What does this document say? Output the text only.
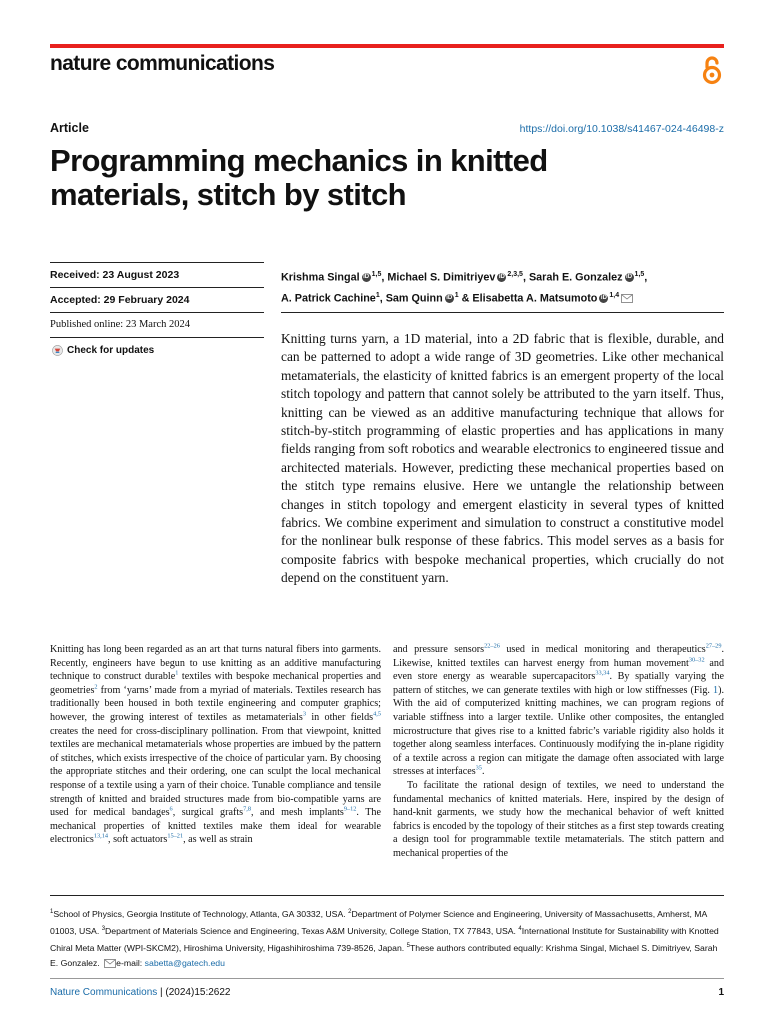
nature communications
Article	https://doi.org/10.1038/s41467-024-46498-z
Programming mechanics in knitted materials, stitch by stitch
Received: 23 August 2023
Accepted: 29 February 2024
Published online: 23 March 2024
Check for updates
Krishma Singal iD $^{1,5}$, Michael S. Dimitriyev iD $^{2,3,5}$, Sarah E. Gonzalez iD $^{1,5}$,
A. Patrick Cachine$^1$, Sam Quinn iD $^1$ & Elisabetta A. Matsumoto iD $^{1,4}$

Knitting turns yarn, a 1D material, into a 2D fabric that is flexible, durable, and can be patterned to adopt a wide range of 3D geometries. Like other mechanical metamaterials, the elasticity of knitted fabrics is an emergent property of the local stitch topology and pattern that cannot solely be attributed to the yarn itself. Thus, knitting can be viewed as an additive manufacturing technique that allows for stitch-by-stitch programming of elastic properties and has applications in many fields ranging from soft robotics and wearable electronics to engineered tissue and architected materials. However, predicting these mechanical properties based on the stitch type remains elusive. Here we untangle the relationship between changes in stitch topology and emergent elasticity in several types of knitted fabrics. We combine experiment and simulation to construct a constitutive model for the nonlinear bulk response of these fabrics. This model serves as a basis for composite fabrics with bespoke mechanical properties, which crucially do not depend on the constituent yarn.

Knitting has long been regarded as an art that turns natural fibers into garments. Recently, engineers have begun to use knitting as an additive manufacturing technique to construct durable$^1$ textiles with bespoke mechanical properties and geometries$^2$ from ‘yarns’ made from a myriad of materials. Textiles research has traditionally been housed in both textile engineering and computer graphics; however, the growing interest of textiles as metamaterials$^3$ in other fields$^{4,5}$ creates the need for cross-disciplinary pollination. From that viewpoint, knitted textiles are mechanical metamaterials whose properties are imbued by the pattern of stitches, which exists irrespective of the choice of particular yarn. By choosing the appropriate stitches and their ordering, one can sculpt the local mechanical response of a textile using a yarn of their choice. Tunable compliance and tensile strength of knitted and braided structures made from bio-compatible yarns are used for medical bandages$^6$, surgical grafts$^{7,8}$, and mesh implants$^{9-12}$. The mechanical properties of knitted textiles make them ideal for wearable electronics$^{13,14}$, soft actuators$^{15-21}$, as well as strain

and pressure sensors$^{22-26}$ used in medical monitoring and therapeutics$^{27-29}$. Likewise, knitted textiles can harvest energy from human movement$^{30-32}$ and even store energy as wearable supercapacitors$^{33,34}$. By spatially varying the pattern of stitches, we can generate textiles with high or low stiffnesses (Fig. 1). With the aid of computerized knitting machines, we can program regions of variable stiffness into a larger textile. Unlike other composites, the entangled microstructure that gives rise to a knitted fabric’s variable rigidity also holds it together along seamless interfaces. Continuously modifying the in-plane rigidity of a textile across a region can mitigate the damage often associated with large stresses at interfaces$^{35}$.

To facilitate the rational design of textiles, we need to understand the fundamental mechanics of knitted materials. Here, inspired by the design of hand-knit garments, we study how the mechanical behavior of weft knitted fabrics is encoded by the topology of their stitches as a first step towards creating a design tool for programmable textile metamaterials. The stitch pattern and mechanical properties of the

$^1$School of Physics, Georgia Institute of Technology, Atlanta, GA 30332, USA. $^2$Department of Polymer Science and Engineering, University of Massachusetts, Amherst, MA 01003, USA. $^3$Department of Materials Science and Engineering, Texas A&M University, College Station, TX 77843, USA. $^4$International Institute for Sustainability with Knotted Chiral Meta Matter (WPI-SKCM2), Hiroshima University, Higashihiroshima 739-8526, Japan. $^5$These authors contributed equally: Krishma Singal, Michael S. Dimitriyev, Sarah E. Gonzalez. e-mail: sabetta@gatech.edu
Nature Communications | (2024)15:2622	1
